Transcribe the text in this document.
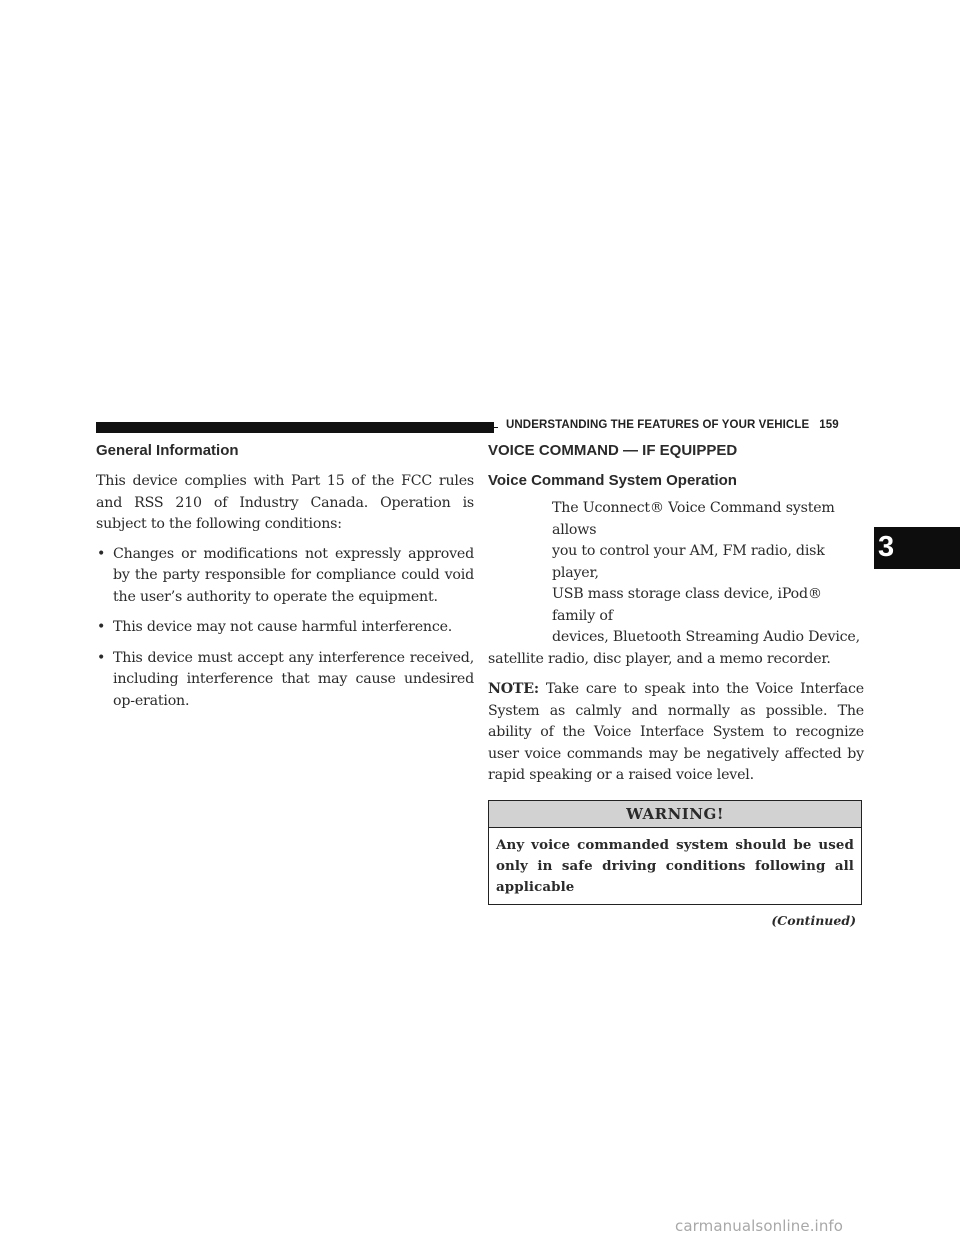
UNDERSTANDING THE FEATURES OF YOUR VEHICLE 159
3
General Information

This device complies with Part 15 of the FCC rules and RSS 210 of Industry Canada. Operation is subject to the following conditions:

• Changes or modifications not expressly approved by the party responsible for compliance could void the user’s authority to operate the equipment.
• This device may not cause harmful interference.
• This device must accept any interference received, including interference that may cause undesired op-eration.
VOICE COMMAND — IF EQUIPPED
Voice Command System Operation

The Uconnect® Voice Command system allows

you to control your AM, FM radio, disk player,

USB mass storage class device, iPod® family of

devices, Bluetooth Streaming Audio Device,

satellite radio, disc player, and a memo recorder.

NOTE: Take care to speak into the Voice Interface System as calmly and normally as possible. The ability of the Voice Interface System to recognize user voice commands may be negatively affected by rapid speaking or a raised voice level.

WARNING!
Any voice commanded system should be used only in safe driving conditions following all applicable
(Continued)
carmanualsonline.info
